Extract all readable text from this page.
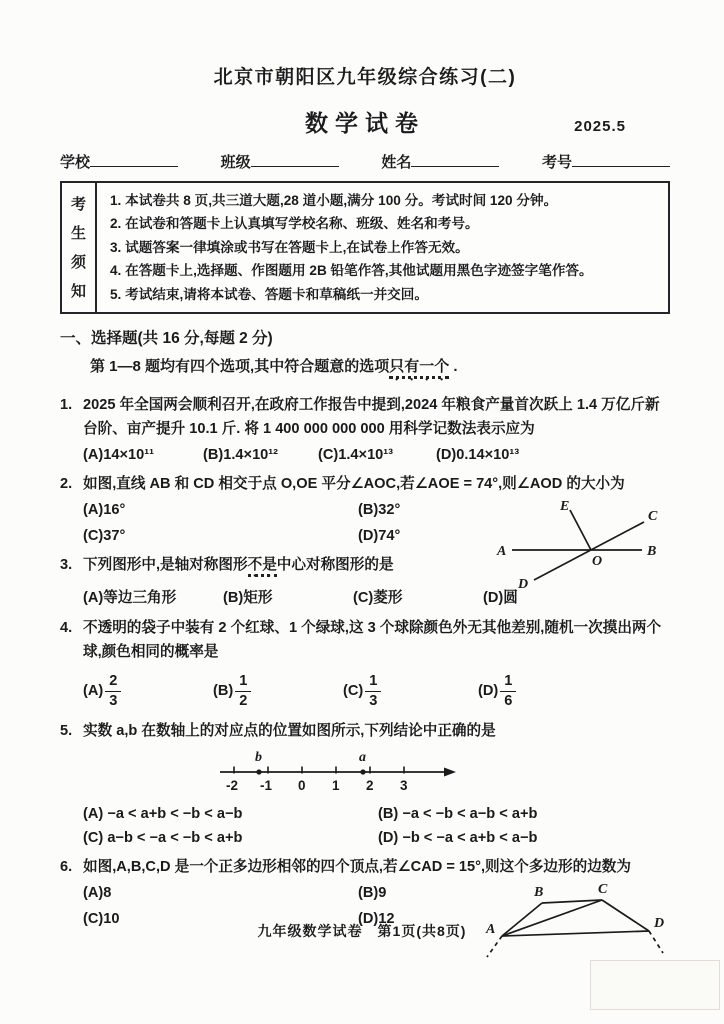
北京市朝阳区九年级综合练习(二)
数学试卷	2025.5
学校	班级	姓名	考号
考
生
须
知
1. 本试卷共 8 页,共三道大题,28 道小题,满分 100 分。考试时间 120 分钟。
2. 在试卷和答题卡上认真填写学校名称、班级、姓名和考号。
3. 试题答案一律填涂或书写在答题卡上,在试卷上作答无效。
4. 在答题卡上,选择题、作图题用 2B 铅笔作答,其他试题用黑色字迹签字笔作答。
5. 考试结束,请将本试卷、答题卡和草稿纸一并交回。
一、选择题(共 16 分,每题 2 分)
第 1—8 题均有四个选项,其中符合题意的选项只有一个 .
1. 2025 年全国两会顺利召开,在政府工作报告中提到,2024 年粮食产量首次跃上 1.4 万亿斤新台阶、亩产提升 10.1 斤. 将 1 400 000 000 000 用科学记数法表示应为
(A)14×10¹¹	(B)1.4×10¹²	(C)1.4×10¹³	(D)0.14×10¹³
2. 如图,直线 AB 和 CD 相交于点 O,OE 平分∠AOC,若∠AOE = 74°,则∠AOD 的大小为
(A)16°	(B)32°
(C)37°	(D)74°
A	B
C
D
E
O
3. 下列图形中,是轴对称图形不是中心对称图形的是
(A)等边三角形	(B)矩形	(C)菱形	(D)圆
4. 不透明的袋子中装有 2 个红球、1 个绿球,这 3 个球除颜色外无其他差别,随机一次摸出两个球,颜色相同的概率是
$(A) \frac{2}{3}$	$(B) \frac{1}{2}$	$(C) \frac{1}{3}$	$(D) \frac{1}{6}$
5. 实数 a,b 在数轴上的对应点的位置如图所示,下列结论中正确的是
b	a
-2 -1 0 1 2 3
(A) −a < a+b < −b < a−b	(B) −a < −b < a−b < a+b
(C) a−b < −a < −b < a+b	(D) −b < −a < a+b < a−b
6. 如图,A,B,C,D 是一个正多边形相邻的四个顶点,若∠CAD = 15°,则这个多边形的边数为
(A)8	(B)9
(C)10	(D)12
A
B	C
D
九年级数学试卷　第1页(共8页)
